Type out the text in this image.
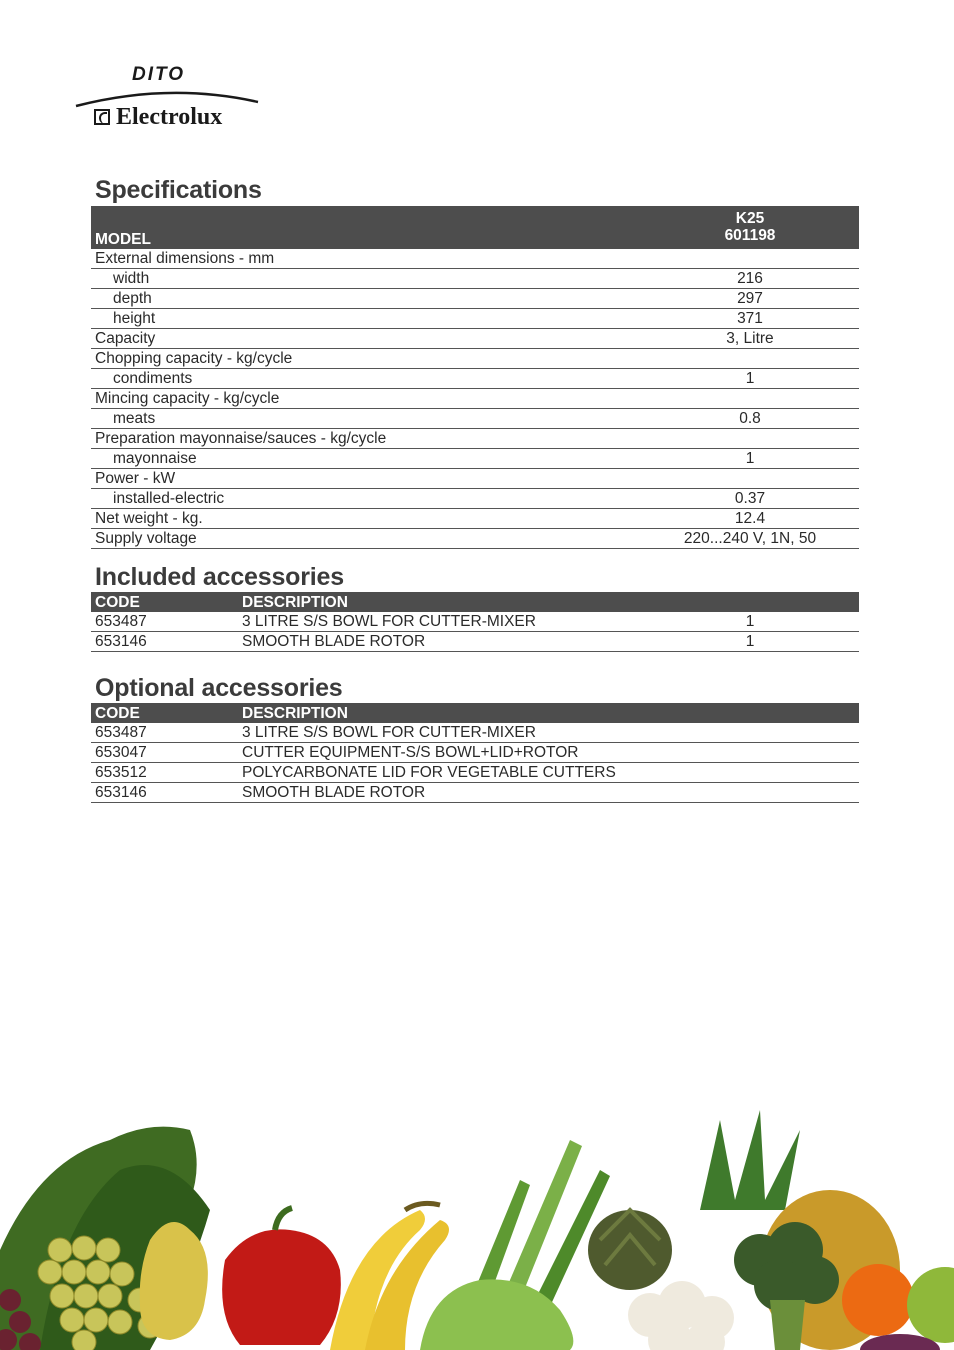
DITO
Electrolux
Specifications
MODEL	K25
601198

External dimensions - mm	
width	216
depth	297
height	371
Capacity	3, Litre
Chopping capacity - kg/cycle	
condiments	1
Mincing capacity - kg/cycle	
meats	0.8
Preparation mayonnaise/sauces - kg/cycle	
mayonnaise	1
Power - kW	
installed-electric	0.37
Net weight - kg.	12.4
Supply voltage	220...240 V, 1N, 50
Included accessories
CODE	DESCRIPTION	
653487	3 LITRE S/S BOWL FOR CUTTER-MIXER	1
653146	SMOOTH BLADE ROTOR	1
Optional accessories
CODE	DESCRIPTION
653487	3 LITRE S/S BOWL FOR CUTTER-MIXER
653047	CUTTER EQUIPMENT-S/S BOWL+LID+ROTOR
653512	POLYCARBONATE LID FOR VEGETABLE CUTTERS
653146	SMOOTH BLADE ROTOR
